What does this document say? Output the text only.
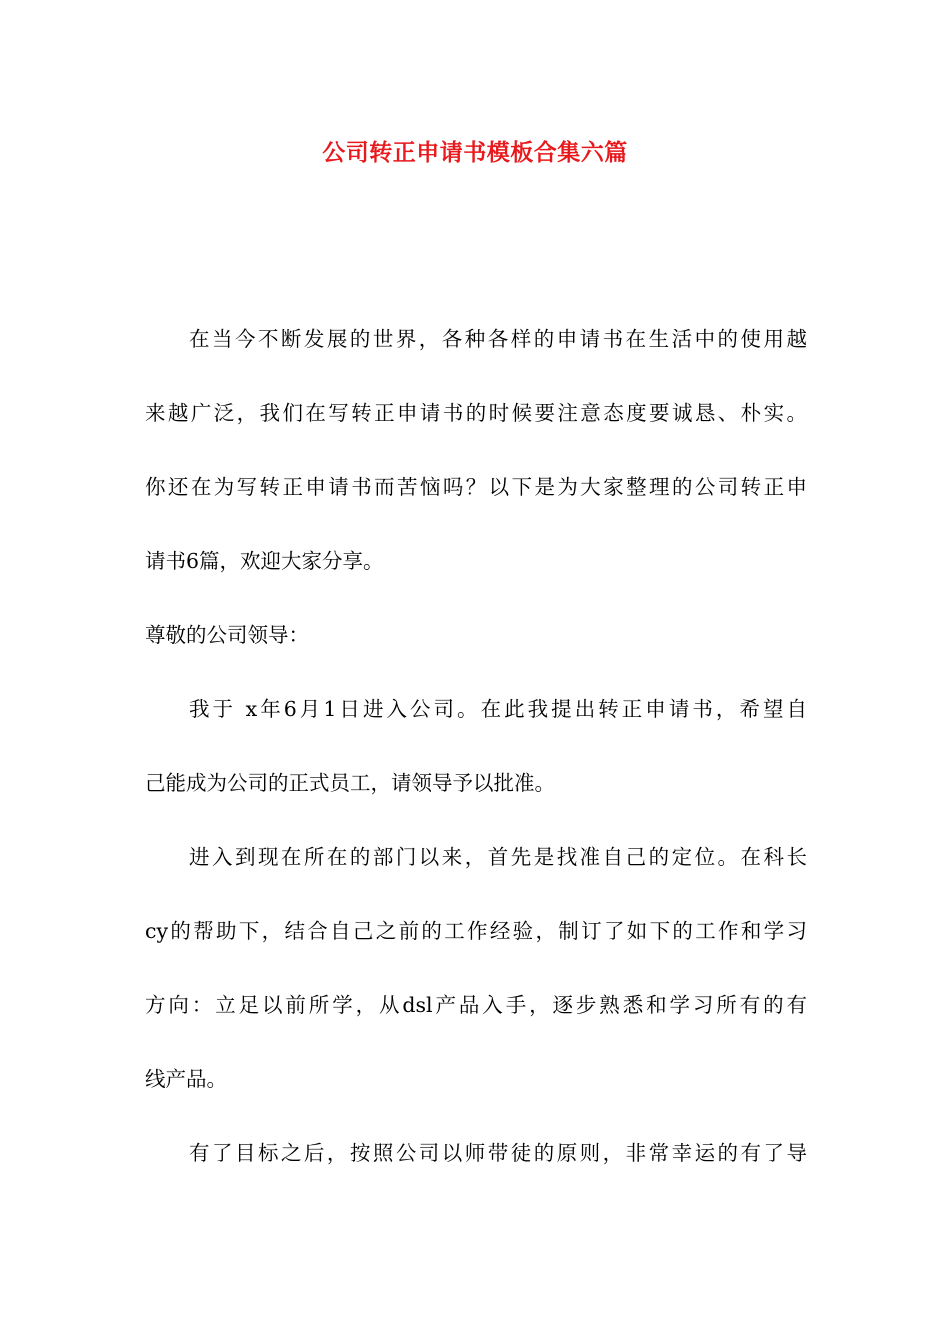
公司转正申请书模板合集六篇
在当今不断发展的世界，各种各样的申请书在生活中的使用越
来越广泛，我们在写转正申请书的时候要注意态度要诚恳、朴实。
你还在为写转正申请书而苦恼吗？以下是为大家整理的公司转正申
请书6篇，欢迎大家分享。
尊敬的公司领导：
我于 x年6月1日进入公司。在此我提出转正申请书，希望自
己能成为公司的正式员工，请领导予以批准。
进入到现在所在的部门以来，首先是找准自己的定位。在科长
cy的帮助下，结合自己之前的工作经验，制订了如下的工作和学习
方向：立足以前所学，从dsl产品入手，逐步熟悉和学习所有的有
线产品。
有了目标之后，按照公司以师带徒的原则，非常幸运的有了导
